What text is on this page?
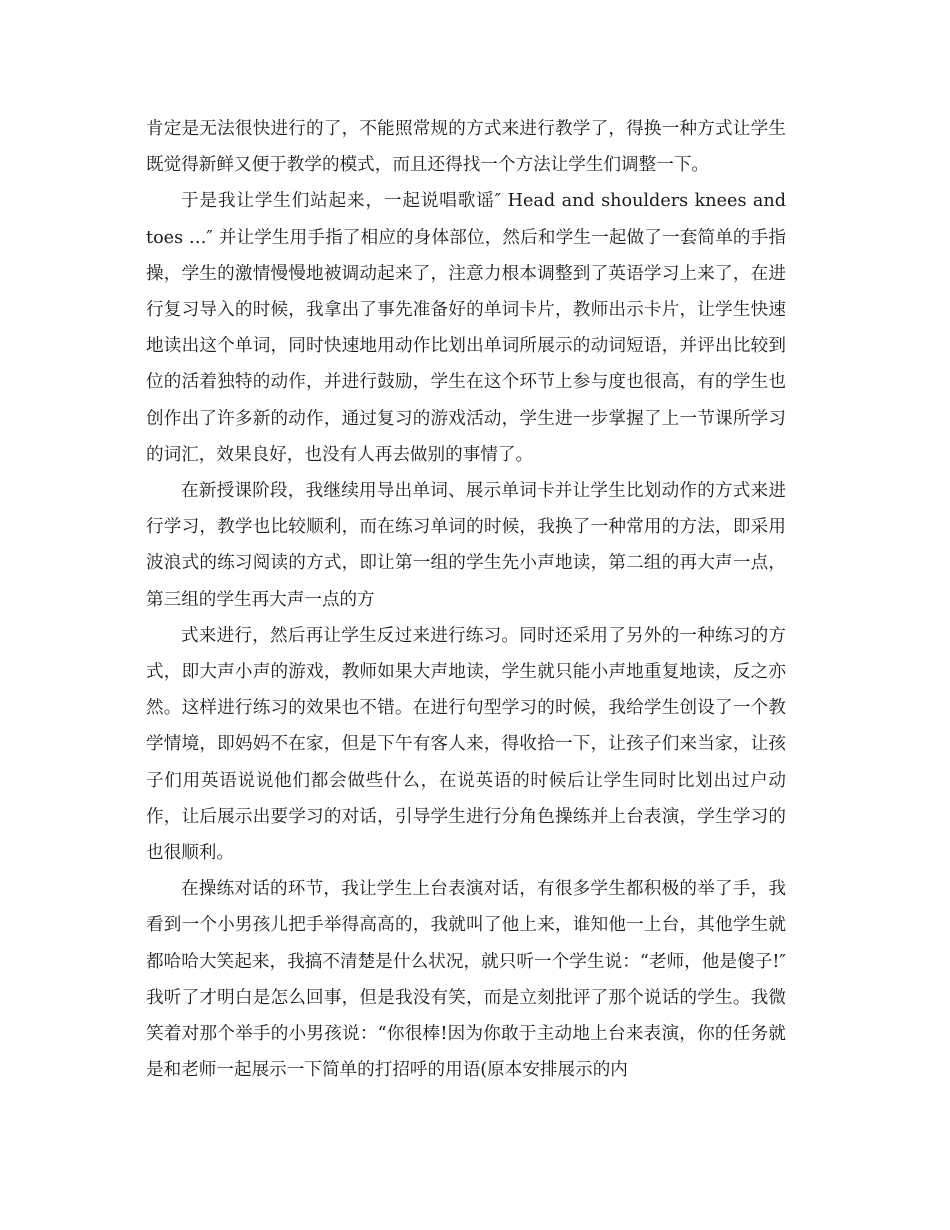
肯定是无法很快进行的了，不能照常规的方式来进行教学了，得换一种方式让学生既觉得新鲜又便于教学的模式，而且还得找一个方法让学生们调整一下。

于是我让学生们站起来，一起说唱歌谣″ Head and shoulders knees and toes …″ 并让学生用手指了相应的身体部位，然后和学生一起做了一套简单的手指操，学生的激情慢慢地被调动起来了，注意力根本调整到了英语学习上来了，在进行复习导入的时候，我拿出了事先准备好的单词卡片，教师出示卡片，让学生快速地读出这个单词，同时快速地用动作比划出单词所展示的动词短语，并评出比较到位的活着独特的动作，并进行鼓励，学生在这个环节上参与度也很高，有的学生也创作出了许多新的动作，通过复习的游戏活动，学生进一步掌握了上一节课所学习的词汇，效果良好，也没有人再去做别的事情了。

在新授课阶段，我继续用导出单词、展示单词卡并让学生比划动作的方式来进行学习，教学也比较顺利，而在练习单词的时候，我换了一种常用的方法，即采用波浪式的练习阅读的方式，即让第一组的学生先小声地读，第二组的再大声一点，第三组的学生再大声一点的方

式来进行，然后再让学生反过来进行练习。同时还采用了另外的一种练习的方式，即大声小声的游戏，教师如果大声地读，学生就只能小声地重复地读，反之亦然。这样进行练习的效果也不错。在进行句型学习的时候，我给学生创设了一个教学情境，即妈妈不在家，但是下午有客人来，得收拾一下，让孩子们来当家，让孩子们用英语说说他们都会做些什么，在说英语的时候后让学生同时比划出过户动作，让后展示出要学习的对话，引导学生进行分角色操练并上台表演，学生学习的也很顺利。

在操练对话的环节，我让学生上台表演对话，有很多学生都积极的举了手，我看到一个小男孩儿把手举得高高的，我就叫了他上来，谁知他一上台，其他学生就都哈哈大笑起来，我搞不清楚是什么状况，就只听一个学生说：“老师，他是傻子!″ 我听了才明白是怎么回事，但是我没有笑，而是立刻批评了那个说话的学生。我微笑着对那个举手的小男孩说：“你很棒!因为你敢于主动地上台来表演，你的任务就是和老师一起展示一下简单的打招呼的用语(原本安排展示的内
